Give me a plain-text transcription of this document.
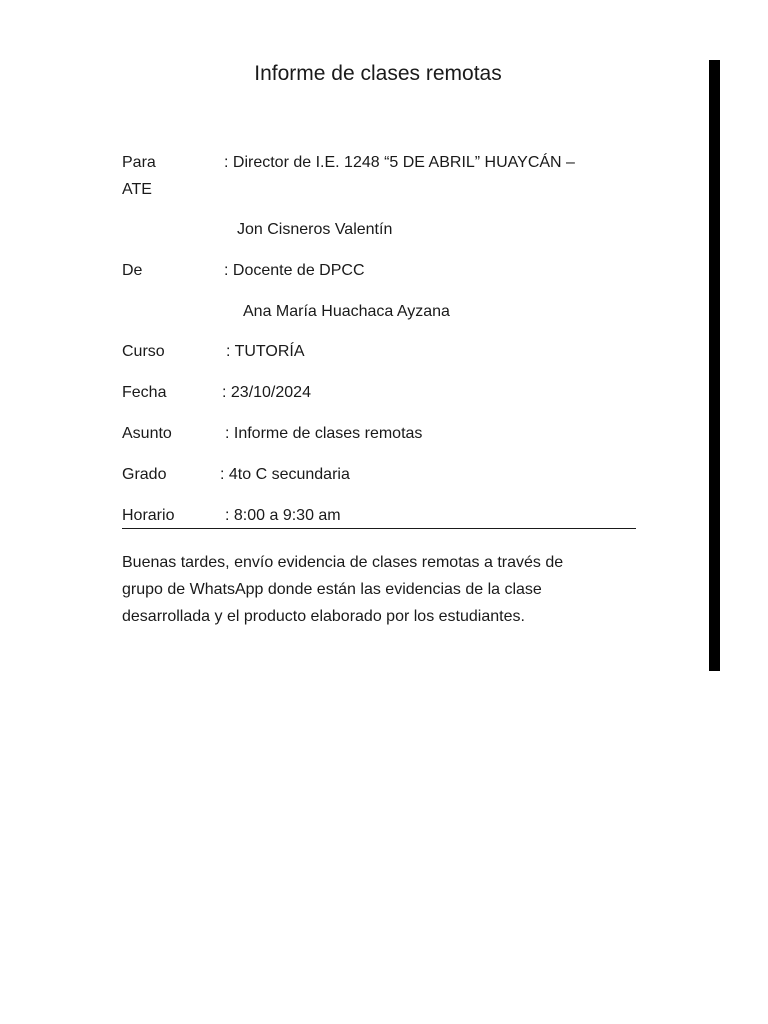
Informe de clases remotas
Para	: Director de I.E. 1248 “5 DE ABRIL” HUAYCÁN –
ATE
Jon Cisneros Valentín
De	: Docente de DPCC
Ana María Huachaca Ayzana
Curso	: TUTORÍA
Fecha	: 23/10/2024
Asunto	: Informe de clases remotas
Grado	: 4to C secundaria
Horario	: 8:00 a 9:30 am
Buenas tardes, envío evidencia de clases remotas a través de
grupo de WhatsApp donde están las evidencias de la clase
desarrollada y el producto elaborado por los estudiantes.
